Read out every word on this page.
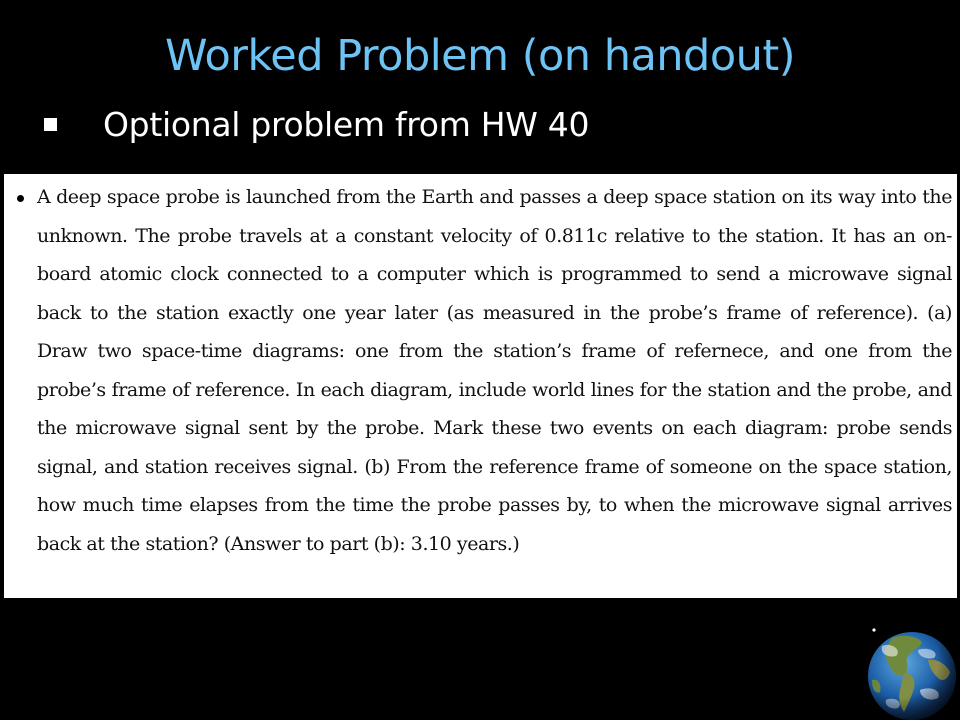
Worked Problem (on handout)
Optional problem from HW 40
A deep space probe is launched from the Earth and passes a deep space station on its way into the unknown. The probe travels at a constant velocity of 0.811c relative to the station. It has an on-board atomic clock connected to a computer which is programmed to send a microwave signal back to the station exactly one year later (as measured in the probe’s frame of reference). (a) Draw two space-time diagrams: one from the station’s frame of refernece, and one from the probe’s frame of reference. In each diagram, include world lines for the station and the probe, and the microwave signal sent by the probe. Mark these two events on each diagram: probe sends signal, and station receives signal. (b) From the reference frame of someone on the space station, how much time elapses from the time the probe passes by, to when the microwave signal arrives back at the station? (Answer to part (b): 3.10 years.)
